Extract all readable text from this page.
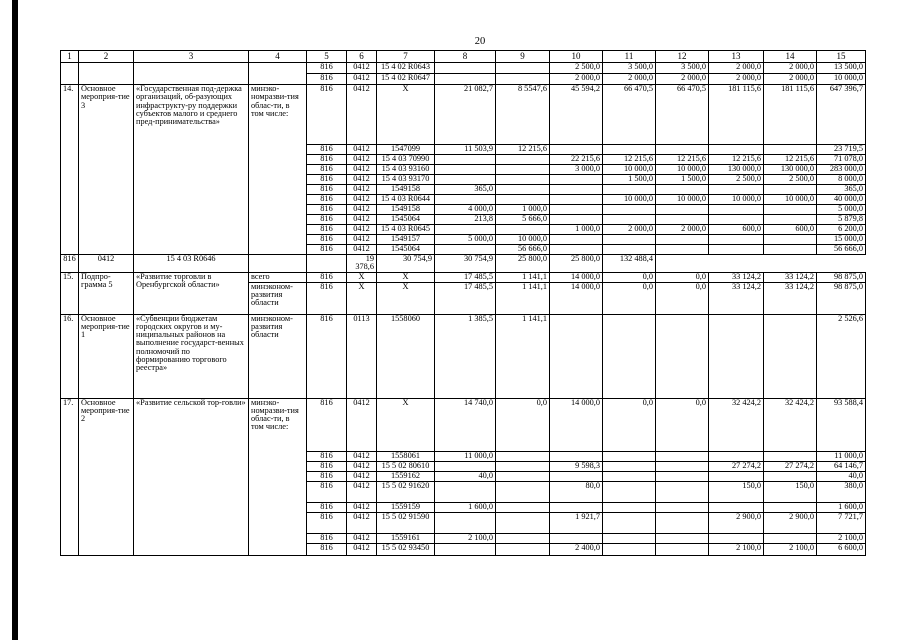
20
1	2	3	4	5	6	7	8	9	10	11	12	13	14	15
				816	0412	15 4 02 R0643			2 500,0	3 500,0	3 500,0	2 000,0	2 000,0	13 500,0
				816	0412	15 4 02 R0647			2 000,0	2 000,0	2 000,0	2 000,0	2 000,0	10 000,0
14.	Основное мероприя-тие 3	«Государственная под-держка организаций, об-разующих инфраструкту-ру поддержки субъектов малого и среднего пред-принимательства»	минэко-номразви-тия облас-ти, в том числе:	816	0412	X	21 082,7	8 5547,6	45 594,2	66 470,5	66 470,5	181 115,6	181 115,6	647 396,7
				816	0412	1547099	11 503,9	12 215,6						23 719,5
				816	0412	15 4 03 70990			22 215,6	12 215,6	12 215,6	12 215,6	12 215,6	71 078,0
				816	0412	15 4 03 93160			3 000,0	10 000,0	10 000,0	130 000,0	130 000,0	283 000,0
				816	0412	15 4 03 93170				1 500,0	1 500,0	2 500,0	2 500,0	8 000,0
				816	0412	1549158	365,0							365,0
				816	0412	15 4 03 R0644				10 000,0	10 000,0	10 000,0	10 000,0	40 000,0
				816	0412	1549158	4 000,0	1 000,0						5 000,0
				816	0412	1545064	213,8	5 666,0						5 879,8
				816	0412	15 4 03 R0645			1 000,0	2 000,0	2 000,0	600,0	600,0	6 200,0
				816	0412	1549157	5 000,0	10 000,0						15 000,0
				816	0412	1545064		56 666,0						56 666,0
816	0412	15 4 03 R0646			19 378,6	30 754,9	30 754,9	25 800,0	25 800,0	132 488,4				
15.	Подпро-грамма 5	«Развитие торговли в Оренбургской области»	всего	816	X	X	17 485,5	1 141,1	14 000,0	0,0	0,0	33 124,2	33 124,2	98 875,0
			минэконом-развития области	816	X	X	17 485,5	1 141,1	14 000,0	0,0	0,0	33 124,2	33 124,2	98 875,0
16.	Основное мероприя-тие 1	«Субвенции бюджетам городских округов и му-ниципальных районов на выполнение государст-венных полномочий по формированию торгового реестра»	минэконом-развития области	816	0113	1558060	1 385,5	1 141,1						2 526,6
17.	Основное мероприя-тие 2	«Развитие сельской тор-говли»	минэко-номразви-тия облас-ти, в том числе:	816	0412	X	14 740,0	0,0	14 000,0	0,0	0,0	32 424,2	32 424,2	93 588,4
				816	0412	1558061	11 000,0							11 000,0
				816	0412	15 5 02 80610			9 598,3			27 274,2	27 274,2	64 146,7
				816	0412	1559162	40,0							40,0
				816	0412	15 5 02 91620			80,0			150,0	150,0	380,0
				816	0412	1559159	1 600,0							1 600,0
				816	0412	15 5 02 91590			1 921,7			2 900,0	2 900,0	7 721,7
				816	0412	1559161	2 100,0							2 100,0
				816	0412	15 5 02 93450			2 400,0			2 100,0	2 100,0	6 600,0
